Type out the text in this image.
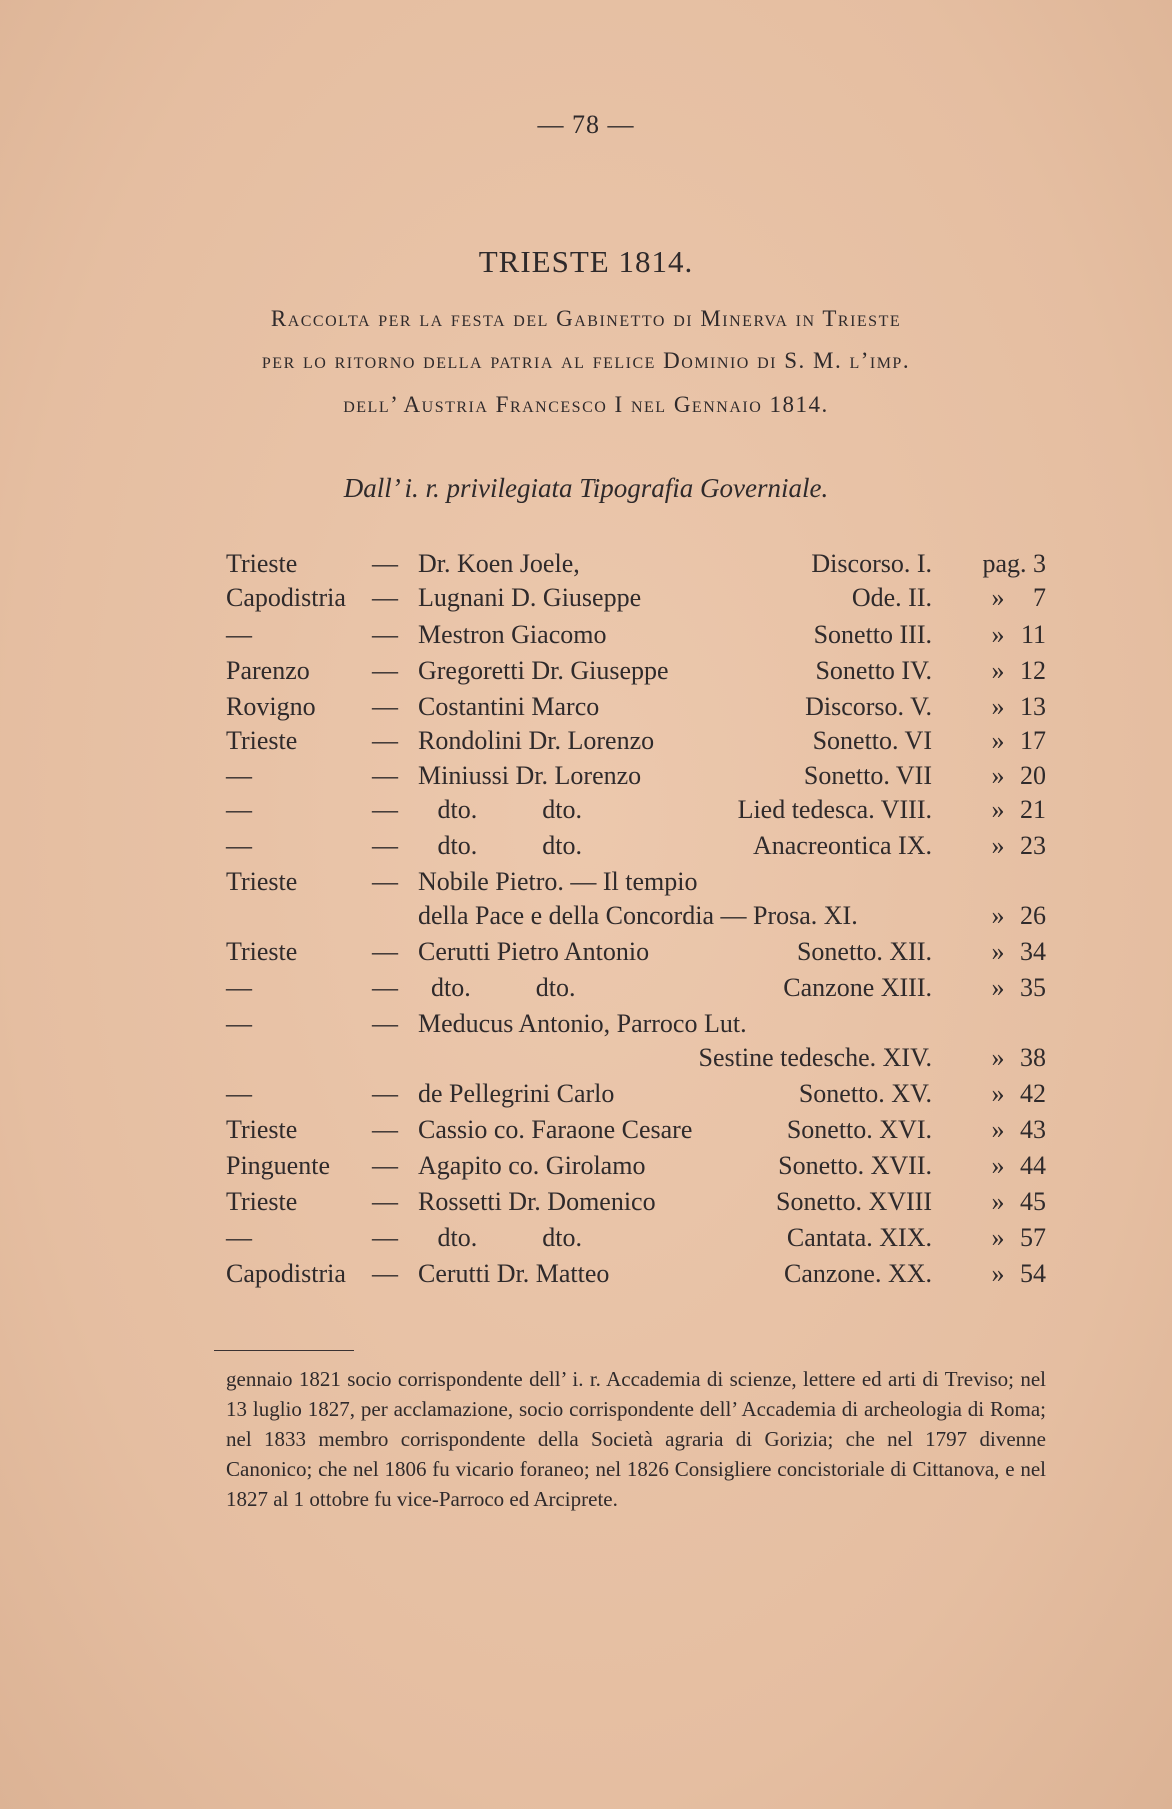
— 78 —
TRIESTE 1814.
Raccolta per la festa del Gabinetto di Minerva in Trieste
per lo ritorno della patria al felice Dominio di S. M. l’imp.
dell’ Austria Francesco I nel Gennaio 1814.
Dall’ i. r. privilegiata Tipografia Governiale.
Trieste	— Dr. Koen Joele,	Discorso. I. pag. 3
Capodistria — Lugnani D. Giuseppe	Ode. II. » 7
—	— Mestron Giacomo	Sonetto III. » 11
Parenzo — Gregoretti Dr. Giuseppe	Sonetto IV. » 12
Rovigno — Costantini Marco	Discorso. V. » 13
Trieste	— Rondolini Dr. Lorenzo	Sonetto. VI » 17
—	— Miniussi Dr. Lorenzo	Sonetto. VII » 20
—	— dto.          dto.	Lied tedesca. VIII. » 21
—	— dto.          dto.	Anacreontica IX. » 23
Trieste	— Nobile Pietro. — Il tempio
della Pace e della Concordia — Prosa. XI.	» 26
Trieste	— Cerutti Pietro Antonio	Sonetto. XII. » 34
—	— dto.          dto.	Canzone XIII. » 35
—	— Meducus Antonio, Parroco Lut.
Sestine tedesche. XIV. » 38
—	— de Pellegrini Carlo	Sonetto. XV. » 42
Trieste	— Cassio co. Faraone Cesare	Sonetto. XVI. » 43
Pinguente — Agapito co. Girolamo	Sonetto. XVII. » 44
Trieste	— Rossetti Dr. Domenico	Sonetto. XVIII » 45
—	— dto.          dto.	Cantata. XIX. » 57
Capodistria — Cerutti Dr. Matteo	Canzone. XX. » 54
gennaio 1821 socio corrispondente dell’ i. r. Accademia di scienze, lettere ed arti di Treviso; nel 13 luglio 1827, per acclamazione, socio corrispondente dell’ Accademia di archeologia di Roma; nel 1833 membro corrispondente della Società agraria di Gorizia; che nel 1797 divenne Canonico; che nel 1806 fu vicario foraneo; nel 1826 Consigliere concistoriale di Cittanova, e nel 1827 al 1 ottobre fu vice-Parroco ed Arciprete.
